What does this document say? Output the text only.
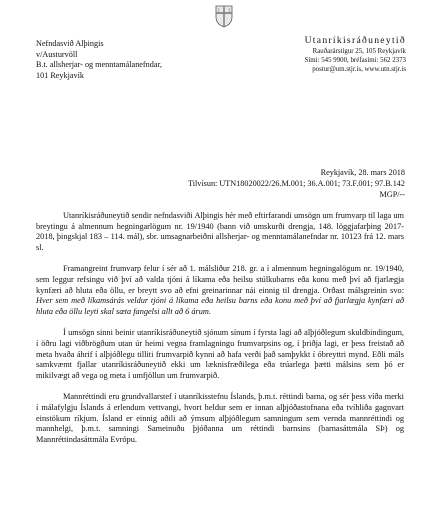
Nefndasvið Alþingis
v/Austurvöll
B.t. allsherjar- og menntamálanefndar,
101 Reykjavík
Utanríkisráðuneytið
Rauðarárstígur 25, 105 Reykjavík
Sími: 545 9900, bréfasími: 562 2373
postur@utn.stjr.is, www.utn.stjr.is
Reykjavík, 28. mars 2018
Tilvísun: UTN18020022/26.M.001; 36.A.001; 73.F.001; 97.B.142
MGP/--

Utanríkisráðuneytið sendir nefndasviði Alþingis hér með eftirfarandi umsögn um frumvarp til laga um breytingu á almennum hegningarlögum nr. 19/1940 (bann við umskurði drengja, 148. löggjafarþing 2017-2018, þingskjal 183 – 114. mál), sbr. umsagnarbeiðni allsherjar- og menntamálanefndar nr. 10123 frá 12. mars sl.

Framangreint frumvarp felur í sér að 1. málsliður 218. gr. a í almennum hegningalögum nr. 19/1940, sem leggur refsingu við því að valda tjóni á líkama eða heilsu stúlkubarns eða konu með því að fjarlægja kynfæri að hluta eða öllu, er breytt svo að efni greinarinnar nái einnig til drengja. Orðast málsgreinin svo: Hver sem með líkamsárás veldur tjóni á líkama eða heilsu barns eða konu með því að fjarlægja kynfæri að hluta eða öllu leyti skal sæta fangelsi allt að 6 árum.

Í umsögn sinni beinir utanríkisráðuneytið sjónum sínum í fyrsta lagi að alþjóðlegum skuldbindingum, í öðru lagi viðbrögðum utan úr heimi vegna framlagningu frumvarpsins og, í þriðja lagi, er þess freistað að meta hvaða áhrif í alþjóðlegu tilliti frumvarpið kynni að hafa verði það samþykkt í óbreyttri mynd. Eðli máls samkvæmt fjallar utanríkisráðuneytið ekki um læknisfræðilega eða trúarlega þætti málsins sem þó er mikilvægt að vega og meta í umfjöllun um frumvarpið.

Mannréttindi eru grundvallarstef í utanríkisstefnu Íslands, þ.m.t. réttindi barna, og sér þess víða merki í málafylgju Íslands á erlendum vettvangi, hvort heldur sem er innan alþjóðastofnana eða tvíhliða gagnvart einstökum ríkjum. Ísland er einnig aðili að ýmsum alþjóðlegum samningum sem vernda mannréttindi og mannhelgi, þ.m.t. samningi Sameinuðu þjóðanna um réttindi barnsins (barnasáttmála SÞ) og Mannréttindasáttmála Evrópu.
